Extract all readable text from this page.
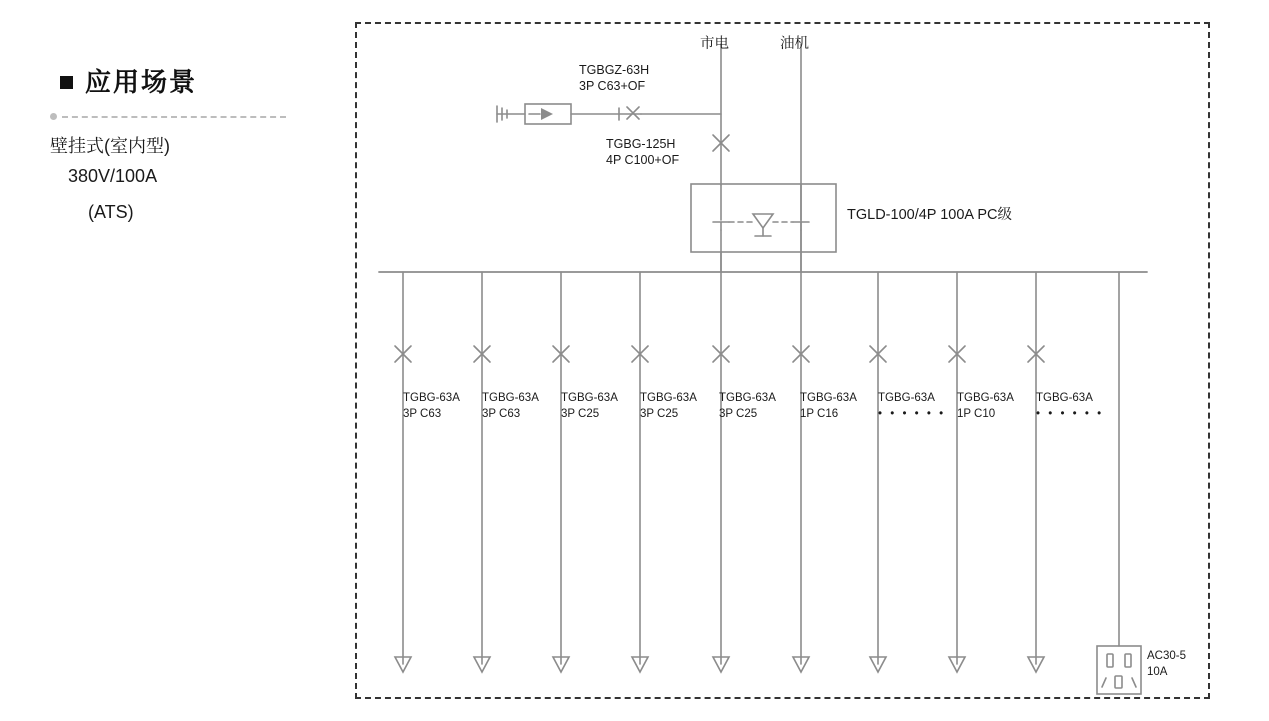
应用场景
壁挂式(室内型)
380V/100A
(ATS)
市电	油机
TGBGZ-63H
3P C63+OF
TGBG-125H
4P C100+OF
TGLD-100/4P 100A PC级
TGBG-63A
3P C63
TGBG-63A
3P C63
TGBG-63A
3P C25
TGBG-63A
3P C25
TGBG-63A
3P C25
TGBG-63A
1P C16
TGBG-63A
• • • • • •
TGBG-63A
1P C10
TGBG-63A
• • • • • •
AC30-5
10A
